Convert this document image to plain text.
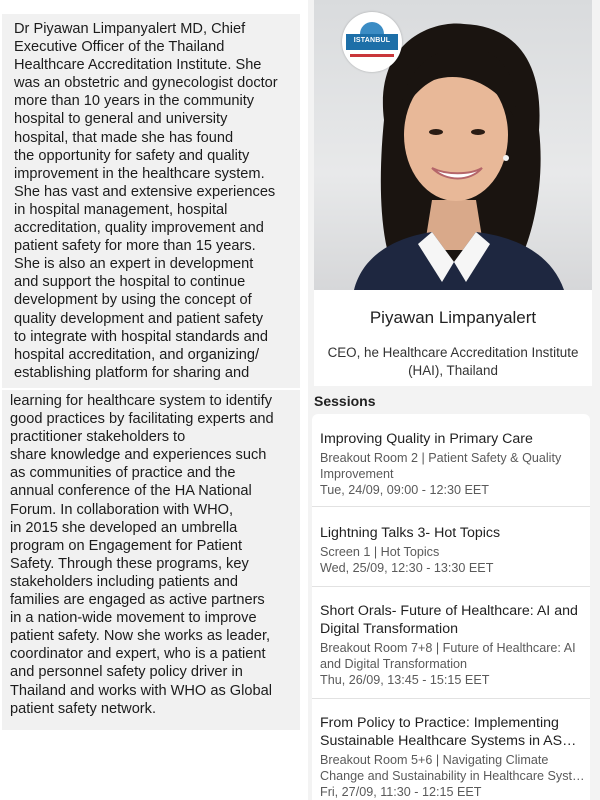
Dr Piyawan Limpanyalert MD, Chief
Executive Officer of the Thailand
Healthcare Accreditation Institute. She
was an obstetric and gynecologist doctor
more than 10 years in the community
hospital to general and university
hospital, that made she has found
the opportunity for safety and quality
improvement in the healthcare system.
She has vast and extensive experiences
in hospital management, hospital
accreditation, quality improvement and
patient safety for more than 15 years.
She is also an expert in development
and support the hospital to continue
development by using the concept of
quality development and patient safety
to integrate with hospital standards and
hospital accreditation, and organizing/
establishing platform for sharing and

learning for healthcare system to identify
good practices by facilitating experts and
practitioner stakeholders to
share knowledge and experiences such
as communities of practice and the
annual conference of the HA National
Forum. In collaboration with WHO,
in 2015 she developed an umbrella
program on Engagement for Patient
Safety. Through these programs, key
stakeholders including patients and
families are engaged as active partners
in a nation-wide movement to improve
patient safety. Now she works as leader,
coordinator and expert, who is a patient
and personnel safety policy driver in
Thailand and works with WHO as Global
patient safety network.

ISTANBUL
Piyawan Limpanyalert
CEO, he Healthcare Accreditation Institute (HAI), Thailand
Sessions
Improving Quality in Primary Care
Breakout Room 2 | Patient Safety & Quality Improvement
Tue, 24/09, 09:00 - 12:30 EET
Lightning Talks 3- Hot Topics
Screen 1 | Hot Topics
Wed, 25/09, 12:30 - 13:30 EET
Short Orals- Future of Healthcare: AI and Digital Transformation
Breakout Room 7+8 | Future of Healthcare: AI and Digital Transformation
Thu, 26/09, 13:45 - 15:15 EET
From Policy to Practice: Implementing Sustainable Healthcare Systems in AS…
Breakout Room 5+6 | Navigating Climate Change and Sustainability in Healthcare Syst…
Fri, 27/09, 11:30 - 12:15 EET
